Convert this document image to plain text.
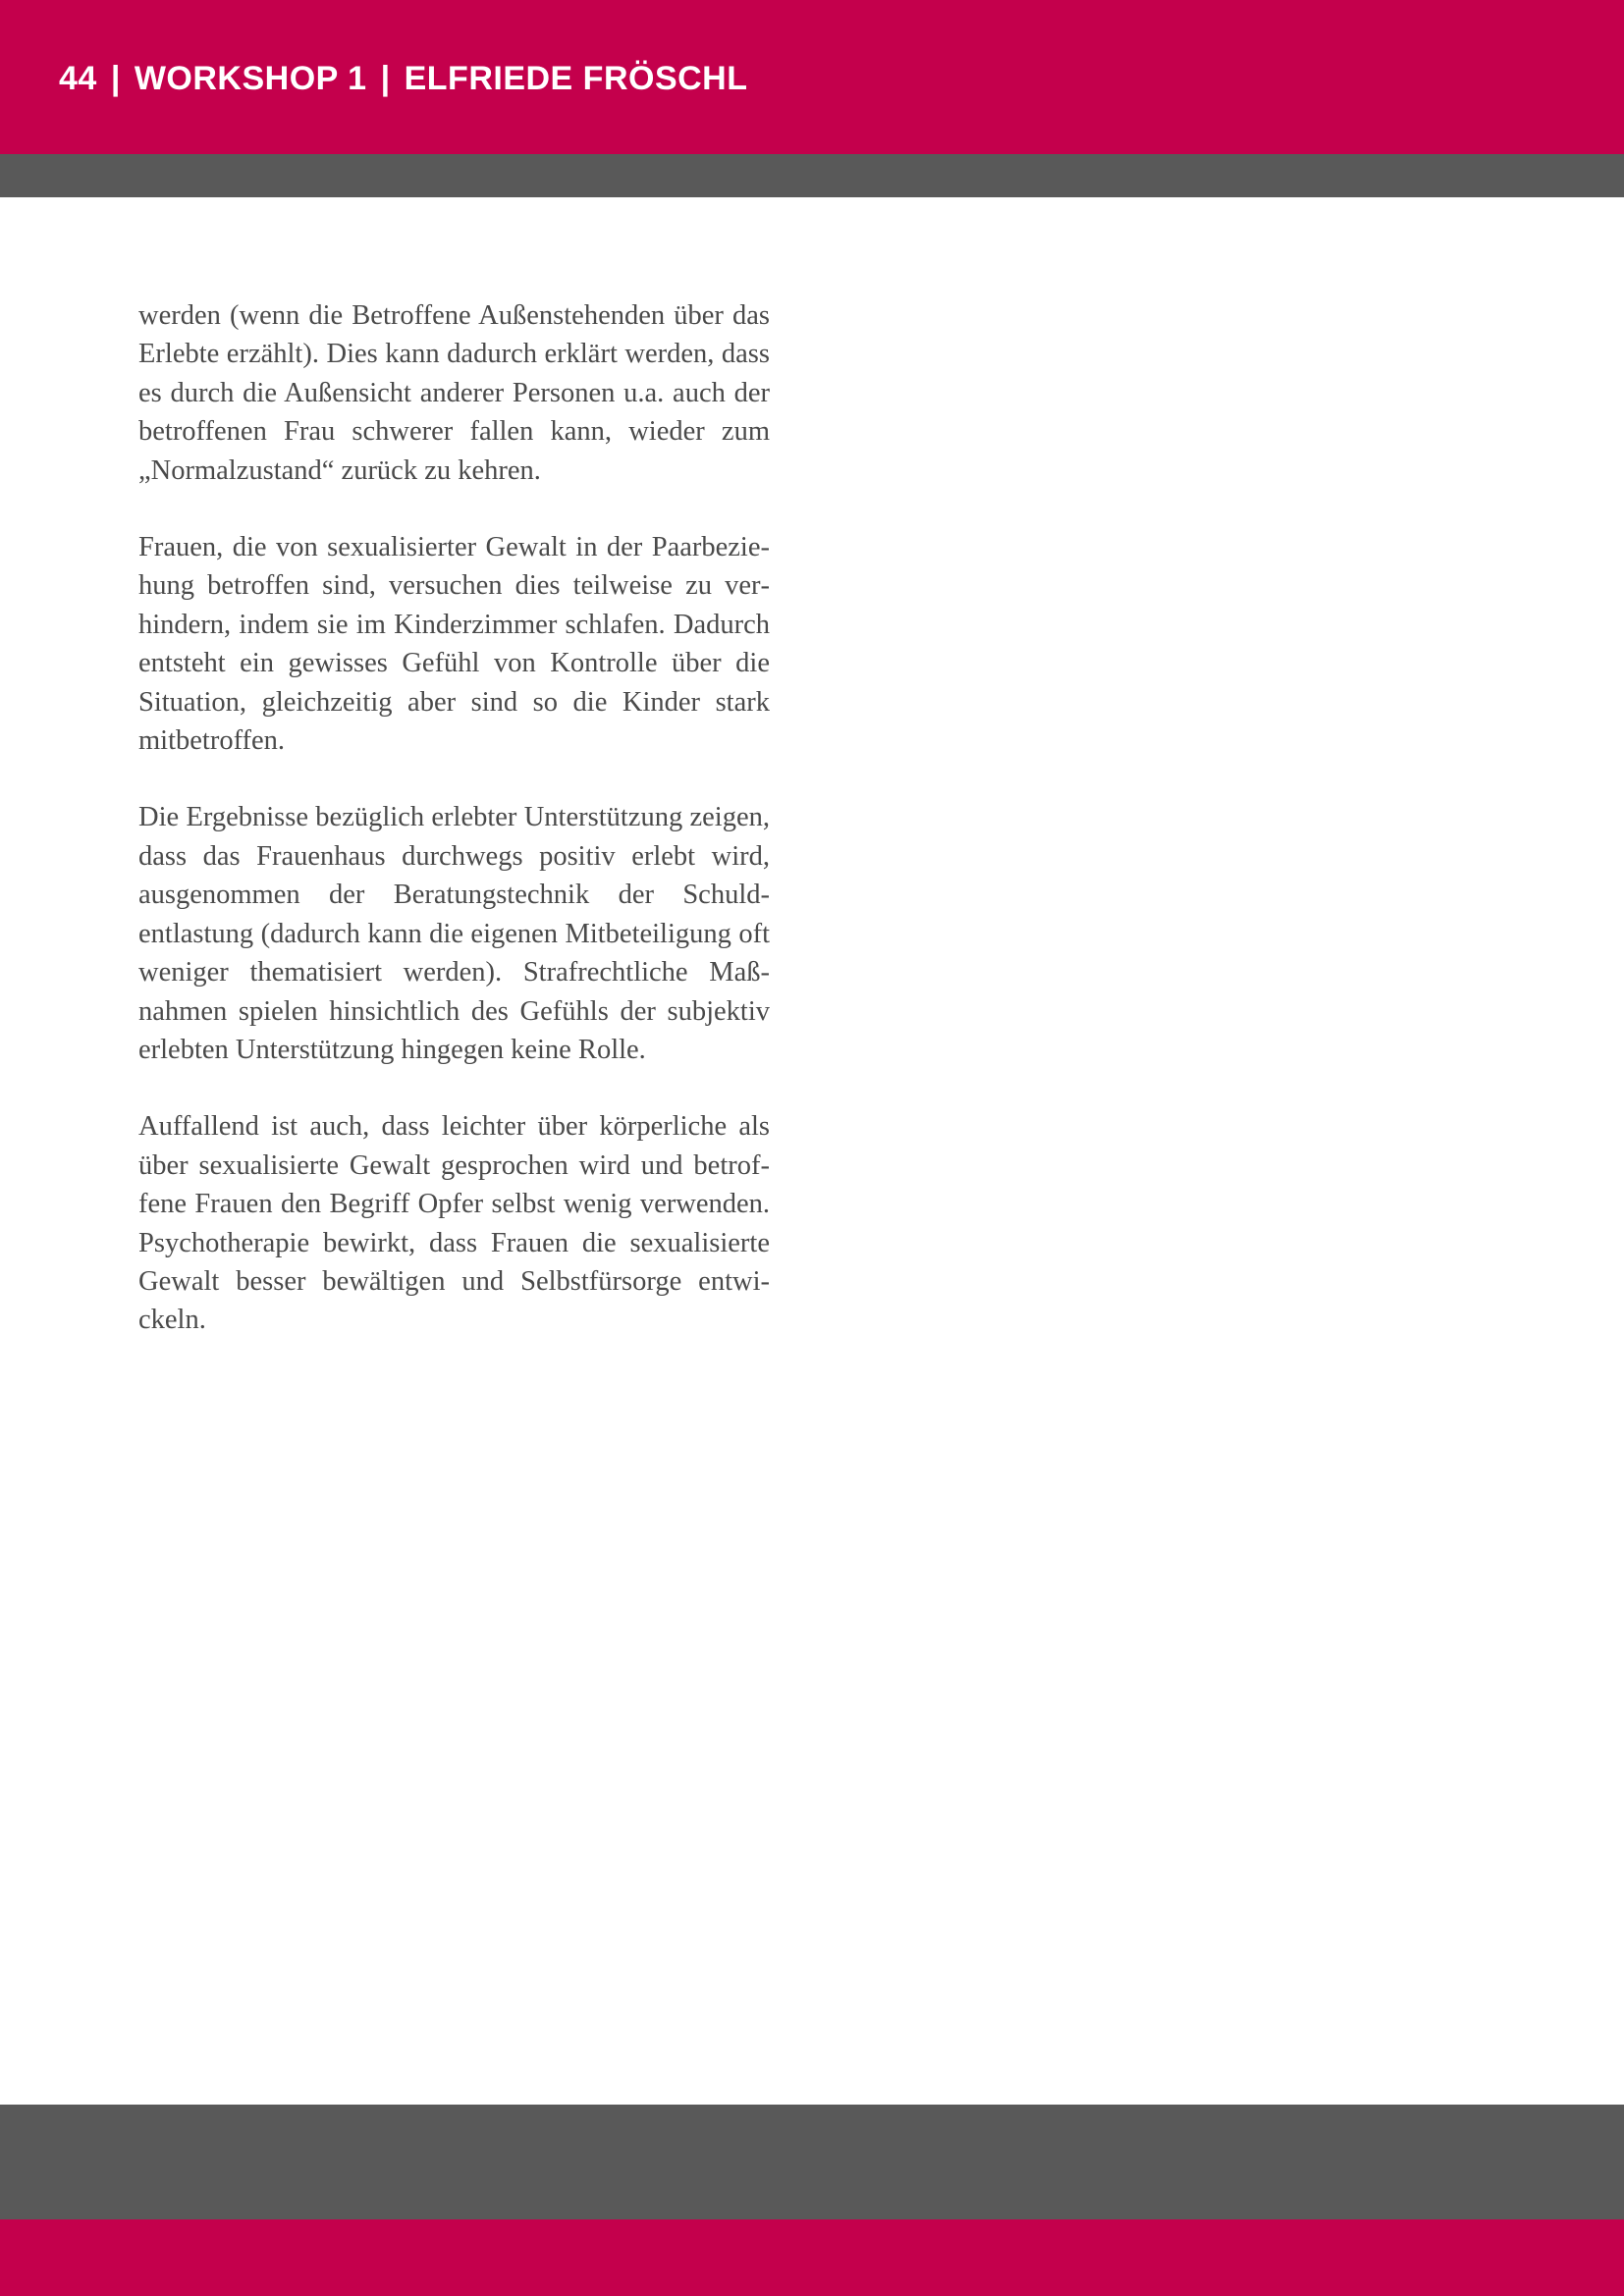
44 | WORKSHOP 1 | ELFRIEDE FRÖSCHL

werden (wenn die Betroffene Außenstehenden über das Erlebte erzählt). Dies kann dadurch erklärt werden, dass es durch die Außensicht anderer Personen u.a. auch der betroffenen Frau schwerer fallen kann, wieder zum „Normalzustand“ zurück zu kehren.

Frauen, die von sexualisierter Gewalt in der Paarbeziehung betroffen sind, versuchen dies teilweise zu verhindern, indem sie im Kinderzimmer schlafen. Dadurch entsteht ein gewisses Gefühl von Kontrolle über die Situation, gleichzeitig aber sind so die Kinder stark mitbetroffen.

Die Ergebnisse bezüglich erlebter Unterstützung zeigen, dass das Frauenhaus durchwegs positiv erlebt wird, ausgenommen der Beratungstechnik der Schuldentlastung (dadurch kann die eigenen Mitbeteiligung oft weniger thematisiert werden). Strafrechtliche Maßnahmen spielen hinsichtlich des Gefühls der subjektiv erlebten Unterstützung hingegen keine Rolle.

Auffallend ist auch, dass leichter über körperliche als über sexualisierte Gewalt gesprochen wird und betroffene Frauen den Begriff Opfer selbst wenig verwenden. Psychotherapie bewirkt, dass Frauen die sexualisierte Gewalt besser bewältigen und Selbstfürsorge entwickeln.
